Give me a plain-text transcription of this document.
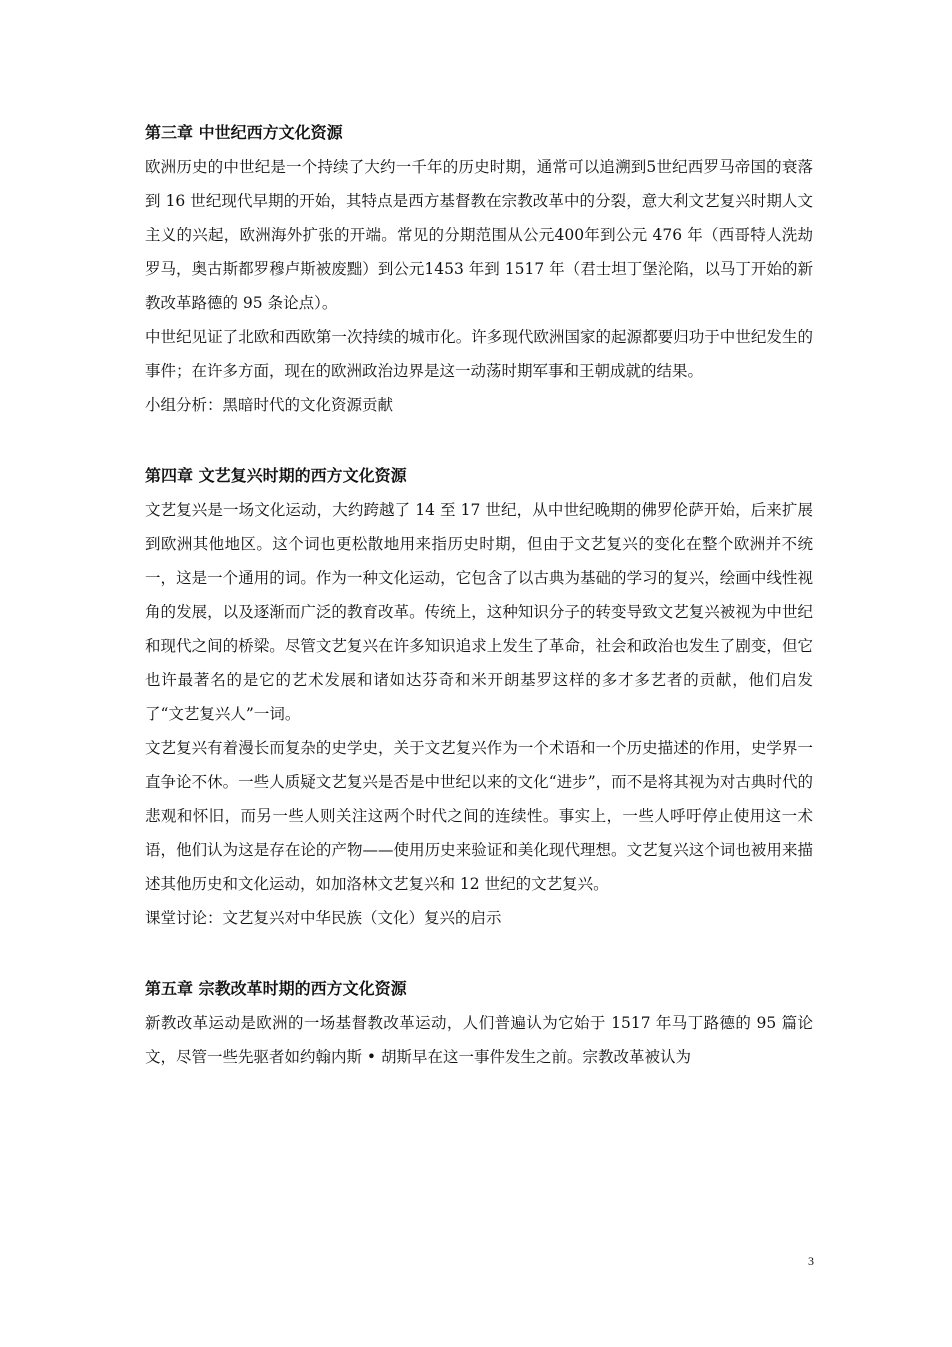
第三章 中世纪西方文化资源

欧洲历史的中世纪是一个持续了大约一千年的历史时期，通常可以追溯到5世纪西罗马帝国的衰落到 16 世纪现代早期的开始，其特点是西方基督教在宗教改革中的分裂，意大利文艺复兴时期人文主义的兴起，欧洲海外扩张的开端。常见的分期范围从公元400年到公元 476 年（西哥特人洗劫罗马，奥古斯都罗穆卢斯被废黜）到公元1453 年到 1517 年（君士坦丁堡沦陷，以马丁开始的新教改革路德的 95 条论点）。

中世纪见证了北欧和西欧第一次持续的城市化。许多现代欧洲国家的起源都要归功于中世纪发生的事件；在许多方面，现在的欧洲政治边界是这一动荡时期军事和王朝成就的结果。

小组分析：黑暗时代的文化资源贡献

第四章 文艺复兴时期的西方文化资源

文艺复兴是一场文化运动，大约跨越了 14 至 17 世纪，从中世纪晚期的佛罗伦萨开始，后来扩展到欧洲其他地区。这个词也更松散地用来指历史时期，但由于文艺复兴的变化在整个欧洲并不统一，这是一个通用的词。作为一种文化运动，它包含了以古典为基础的学习的复兴，绘画中线性视角的发展，以及逐渐而广泛的教育改革。传统上，这种知识分子的转变导致文艺复兴被视为中世纪和现代之间的桥梁。尽管文艺复兴在许多知识追求上发生了革命，社会和政治也发生了剧变，但它也许最著名的是它的艺术发展和诸如达芬奇和米开朗基罗这样的多才多艺者的贡献，他们启发了“文艺复兴人”一词。

文艺复兴有着漫长而复杂的史学史，关于文艺复兴作为一个术语和一个历史描述的作用，史学界一直争论不休。一些人质疑文艺复兴是否是中世纪以来的文化“进步”，而不是将其视为对古典时代的悲观和怀旧，而另一些人则关注这两个时代之间的连续性。事实上，一些人呼吁停止使用这一术语，他们认为这是存在论的产物——使用历史来验证和美化现代理想。文艺复兴这个词也被用来描述其他历史和文化运动，如加洛林文艺复兴和 12 世纪的文艺复兴。

课堂讨论：文艺复兴对中华民族（文化）复兴的启示

第五章 宗教改革时期的西方文化资源

新教改革运动是欧洲的一场基督教改革运动，人们普遍认为它始于 1517 年马丁路德的 95 篇论文，尽管一些先驱者如约翰内斯 • 胡斯早在这一事件发生之前。宗教改革被认为

3
